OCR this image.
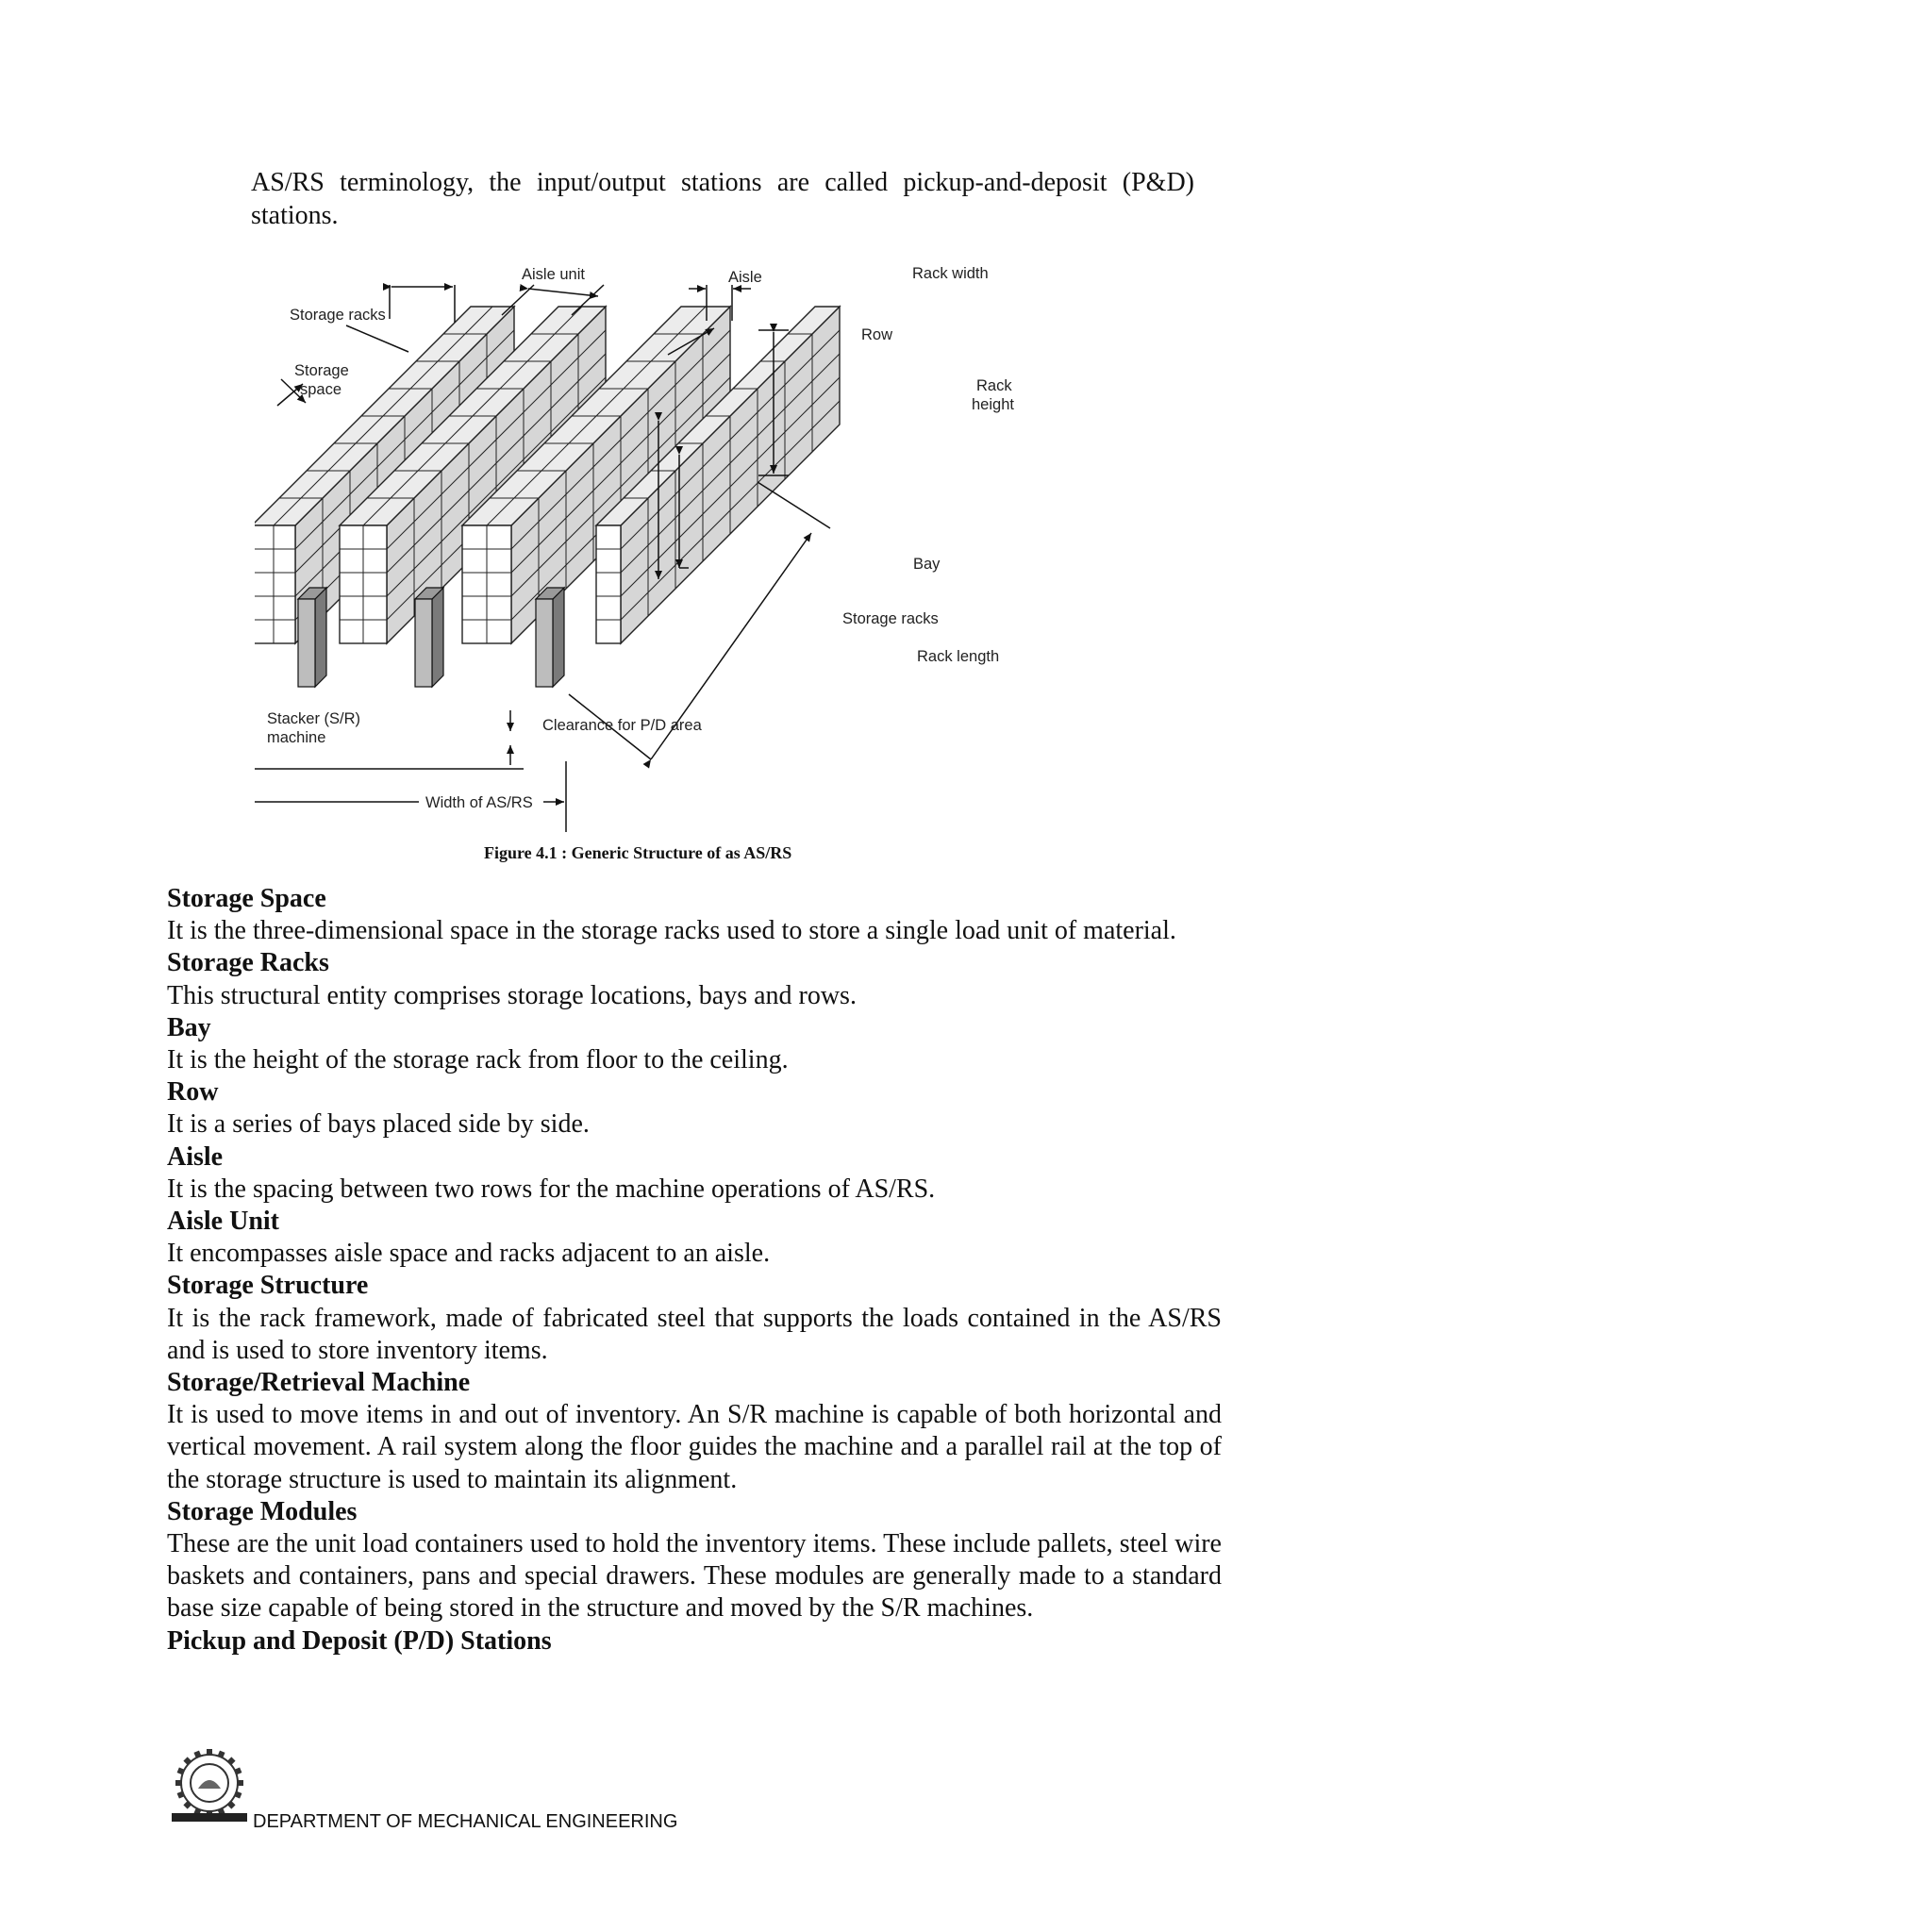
AS/RS terminology, the input/output stations are called pickup-and-deposit (P&D)
stations.
Aisle unit	Aisle	Rack width
Storage racks
Storage
space
Row
Rack
height
Bay
Storage racks
Rack length
Stacker (S/R)
machine
Clearance for P/D area
Width of AS/RS
Figure 4.1 : Generic Structure of as AS/RS
Storage Space
It is the three-dimensional space in the storage racks used to store a single load unit of material.
Storage Racks
This structural entity comprises storage locations, bays and rows.
Bay
It is the height of the storage rack from floor to the ceiling.
Row
It is a series of bays placed side by side.
Aisle
It is the spacing between two rows for the machine operations of AS/RS.
Aisle Unit
It encompasses aisle space and racks adjacent to an aisle.
Storage Structure
It is the rack framework, made of fabricated steel that supports the loads contained in the AS/RS and is used to store inventory items.
Storage/Retrieval Machine
It is used to move items in and out of inventory. An S/R machine is capable of both horizontal and vertical movement. A rail system along the floor guides the machine and a parallel rail at the top of the storage structure is used to maintain its alignment.
Storage Modules
These are the unit load containers used to hold the inventory items. These include pallets, steel wire baskets and containers, pans and special drawers. These modules are generally made to a standard base size capable of being stored in the structure and moved by the S/R machines.
Pickup and Deposit (P/D) Stations
DEPARTMENT OF MECHANICAL ENGINEERING
